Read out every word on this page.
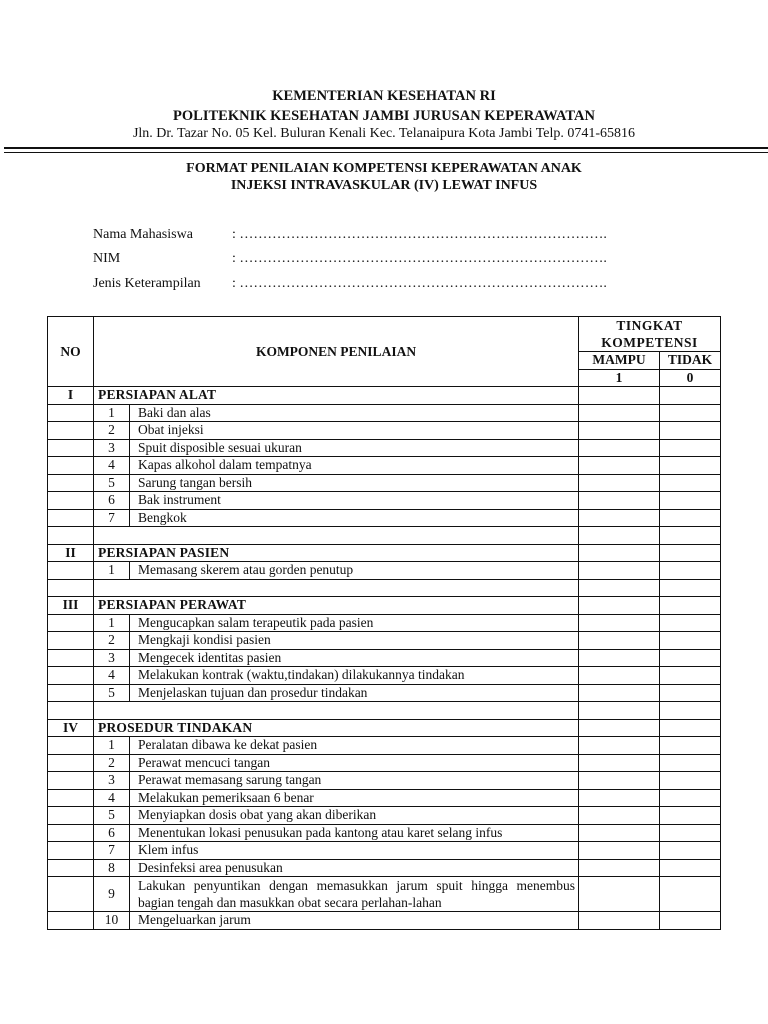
KEMENTERIAN KESEHATAN RI
POLITEKNIK KESEHATAN JAMBI JURUSAN KEPERAWATAN
Jln. Dr. Tazar No. 05 Kel. Buluran Kenali Kec. Telanaipura Kota Jambi Telp. 0741-65816
FORMAT PENILAIAN KOMPETENSI KEPERAWATAN ANAK
INJEKSI INTRAVASKULAR (IV) LEWAT INFUS
Nama Mahasiswa	: …………………………………………………………………….
NIM	: …………………………………………………………………….
Jenis Keterampilan : …………………………………………………………………….
NO	KOMPONEN PENILAIAN		TINGKAT
KOMPETENSI	
			MAMPU	TIDAK
			1	0
I	PERSIAPAN ALAT			
	1	Baki dan alas		
	2	Obat injeksi		
	3	Spuit disposible sesuai ukuran		
	4	Kapas alkohol dalam tempatnya		
	5	Sarung tangan bersih		
	6	Bak instrument		
	7	Bengkok		

II	PERSIAPAN PASIEN			
	1	Memasang skerem atau gorden penutup		

III	PERSIAPAN PERAWAT			
	1	Mengucapkan salam terapeutik pada pasien		
	2	Mengkaji kondisi pasien		
	3	Mengecek identitas pasien		
	4	Melakukan kontrak (waktu,tindakan) dilakukannya tindakan		
	5	Menjelaskan tujuan dan prosedur tindakan		

IV	PROSEDUR TINDAKAN			
	1	Peralatan dibawa ke dekat pasien		
	2	Perawat mencuci tangan		
	3	Perawat memasang sarung tangan		
	4	Melakukan pemeriksaan 6 benar		
	5	Menyiapkan dosis obat yang akan diberikan		
	6	Menentukan lokasi penusukan pada kantong atau karet selang infus		
	7	Klem infus		
	8	Desinfeksi area penusukan		
	9	Lakukan penyuntikan dengan memasukkan jarum spuit hingga menembus bagian tengah dan masukkan obat secara perlahan-lahan		
	10	Mengeluarkan jarum		
